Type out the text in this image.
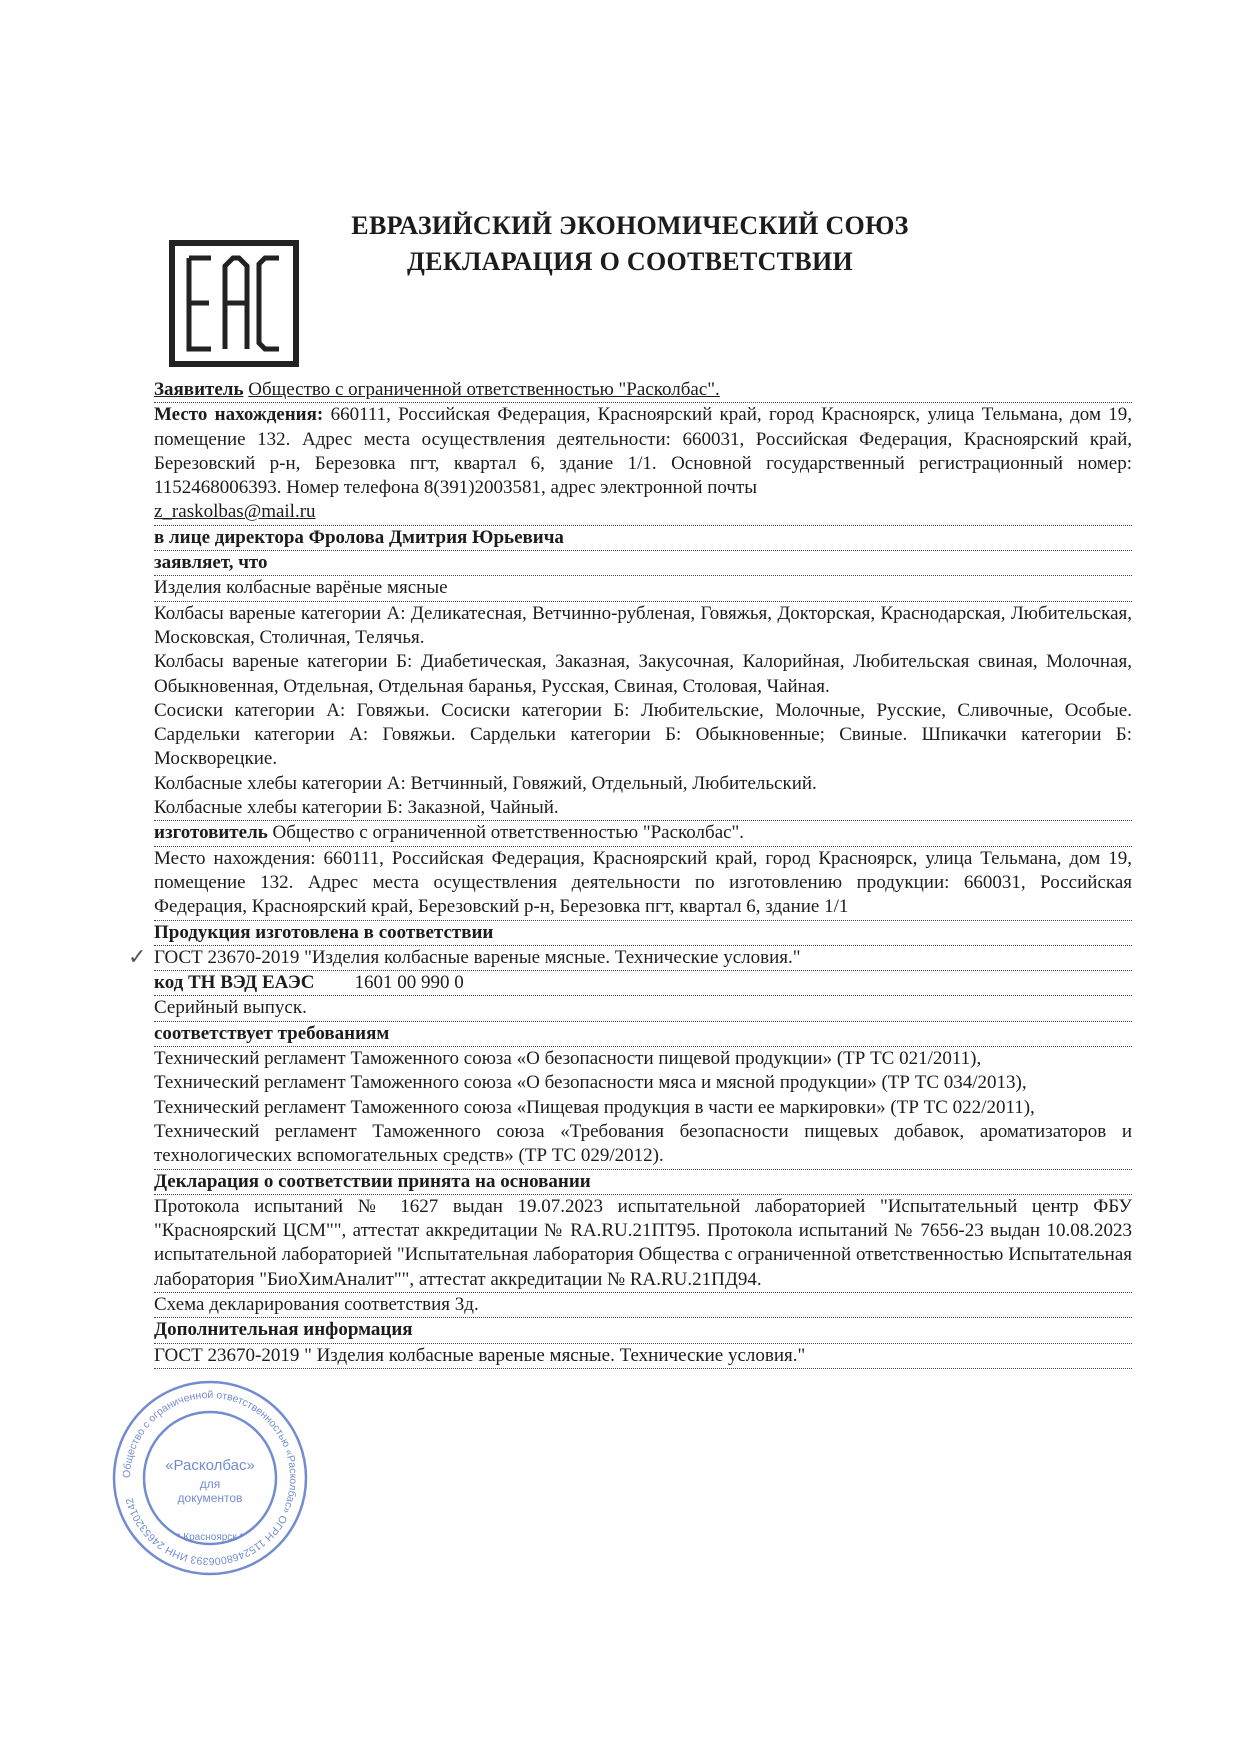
ЕВРАЗИЙСКИЙ ЭКОНОМИЧЕСКИЙ СОЮЗ
ДЕКЛАРАЦИЯ О СООТВЕТСТВИИ
✓

Заявитель Общество с ограниченной ответственностью "Расколбас".

Место нахождения: 660111, Российская Федерация, Красноярский край, город Красноярск, улица Тельмана, дом 19, помещение 132. Адрес места осуществления деятельности: 660031, Российская Федерация, Красноярский край, Березовский р-н, Березовка пгт, квартал 6, здание 1/1. Основной государственный регистрационный номер: 1152468006393. Номер телефона 8(391)2003581, адрес электронной почты

z_raskolbas@mail.ru

в лице директора Фролова Дмитрия Юрьевича

заявляет, что

Изделия колбасные варёные мясные

Колбасы вареные категории А: Деликатесная, Ветчинно-рубленая, Говяжья, Докторская, Краснодарская, Любительская, Московская, Столичная, Телячья.

Колбасы вареные категории Б: Диабетическая, Заказная, Закусочная, Калорийная, Любительская свиная, Молочная, Обыкновенная, Отдельная, Отдельная баранья, Русская, Свиная, Столовая, Чайная.

Сосиски категории А: Говяжьи. Сосиски категории Б: Любительские, Молочные, Русские, Сливочные, Особые. Сардельки категории А: Говяжьи. Сардельки категории Б: Обыкновенные; Свиные. Шпикачки категории Б: Москворецкие.

Колбасные хлебы категории А: Ветчинный, Говяжий, Отдельный, Любительский.

Колбасные хлебы категории Б: Заказной, Чайный.

изготовитель Общество с ограниченной ответственностью "Расколбас".

Место нахождения: 660111, Российская Федерация, Красноярский край, город Красноярск, улица Тельмана, дом 19, помещение 132. Адрес места осуществления деятельности по изготовлению продукции: 660031, Российская Федерация, Красноярский край, Березовский р-н, Березовка пгт, квартал 6, здание 1/1

Продукция изготовлена в соответствии

ГОСТ 23670-2019 "Изделия колбасные вареные мясные. Технические условия."

код ТН ВЭД ЕАЭС 1601 00 990 0

Серийный выпуск.

соответствует требованиям

Технический регламент Таможенного союза «О безопасности пищевой продукции» (ТР ТС 021/2011),

Технический регламент Таможенного союза «О безопасности мяса и мясной продукции» (ТР ТС 034/2013),

Технический регламент Таможенного союза «Пищевая продукция в части ее маркировки» (ТР ТС 022/2011),

Технический регламент Таможенного союза «Требования безопасности пищевых добавок, ароматизаторов и технологических вспомогательных средств» (ТР ТС 029/2012).

Декларация о соответствии принята на основании

Протокола испытаний № 1627 выдан 19.07.2023 испытательной лабораторией "Испытательный центр ФБУ "Красноярский ЦСМ"", аттестат аккредитации № RA.RU.21ПТ95. Протокола испытаний № 7656-23 выдан 10.08.2023 испытательной лабораторией "Испытательная лаборатория Общества с ограниченной ответственностью Испытательная лаборатория "БиоХимАналит"", аттестат аккредитации № RA.RU.21ПД94.

Схема декларирования соответствия 3д.

Дополнительная информация

ГОСТ 23670-2019 " Изделия колбасные вареные мясные. Технические условия."

Общество с ограниченной ответственностью «Расколбас» ОГРН 1152468006393 ИНН 2465320142
«Расколбас»
для
документов
* Красноярск *
